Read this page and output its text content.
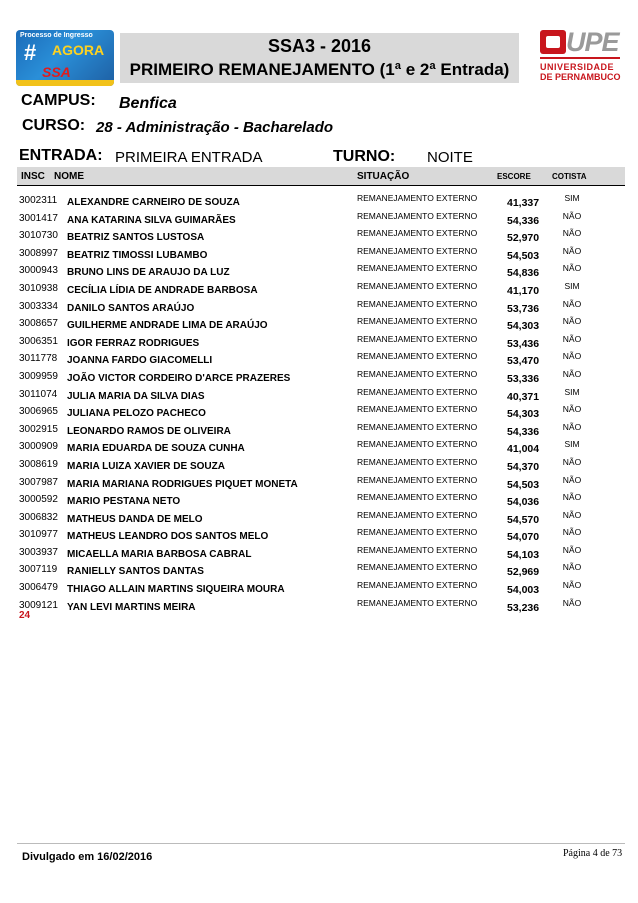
Processo de Ingresso
# AGORA
SSA
SSA3 - 2016
PRIMEIRO REMANEJAMENTO (1ª e 2ª Entrada)
UPE
UNIVERSIDADE
DE PERNAMBUCO
CAMPUS: Benfica
CURSO: 28 - Administração - Bacharelado
ENTRADA: PRIMEIRA ENTRADA	TURNO: NOITE
INSC NOME	SITUAÇÃO	ESCORE	COTISTA
3002311 ALEXANDRE CARNEIRO DE SOUZA	REMANEJAMENTO EXTERNO	41,337	SIM
3001417 ANA KATARINA SILVA GUIMARÃES	REMANEJAMENTO EXTERNO	54,336	NÃO
3010730 BEATRIZ SANTOS LUSTOSA	REMANEJAMENTO EXTERNO	52,970	NÃO
3008997 BEATRIZ TIMOSSI LUBAMBO	REMANEJAMENTO EXTERNO	54,503	NÃO
3000943 BRUNO LINS DE ARAUJO DA LUZ	REMANEJAMENTO EXTERNO	54,836	NÃO
3010938 CECÍLIA LÍDIA DE ANDRADE BARBOSA	REMANEJAMENTO EXTERNO	41,170	SIM
3003334 DANILO SANTOS ARAÚJO	REMANEJAMENTO EXTERNO	53,736	NÃO
3008657 GUILHERME ANDRADE LIMA DE ARAÚJO	REMANEJAMENTO EXTERNO	54,303	NÃO
3006351 IGOR FERRAZ RODRIGUES	REMANEJAMENTO EXTERNO	53,436	NÃO
3011778 JOANNA FARDO GIACOMELLI	REMANEJAMENTO EXTERNO	53,470	NÃO
3009959 JOÃO VICTOR CORDEIRO D'ARCE PRAZERES	REMANEJAMENTO EXTERNO	53,336	NÃO
3011074 JULIA MARIA DA SILVA DIAS	REMANEJAMENTO EXTERNO	40,371	SIM
3006965 JULIANA PELOZO PACHECO	REMANEJAMENTO EXTERNO	54,303	NÃO
3002915 LEONARDO RAMOS DE OLIVEIRA	REMANEJAMENTO EXTERNO	54,336	NÃO
3000909 MARIA EDUARDA DE SOUZA CUNHA	REMANEJAMENTO EXTERNO	41,004	SIM
3008619 MARIA LUIZA XAVIER DE SOUZA	REMANEJAMENTO EXTERNO	54,370	NÃO
3007987 MARIA MARIANA RODRIGUES PIQUET MONETA	REMANEJAMENTO EXTERNO	54,503	NÃO
3000592 MARIO PESTANA NETO	REMANEJAMENTO EXTERNO	54,036	NÃO
3006832 MATHEUS DANDA DE MELO	REMANEJAMENTO EXTERNO	54,570	NÃO
3010977 MATHEUS LEANDRO DOS SANTOS MELO	REMANEJAMENTO EXTERNO	54,070	NÃO
3003937 MICAELLA MARIA BARBOSA CABRAL	REMANEJAMENTO EXTERNO	54,103	NÃO
3007119 RANIELLY SANTOS DANTAS	REMANEJAMENTO EXTERNO	52,969	NÃO
3006479 THIAGO ALLAIN MARTINS SIQUEIRA MOURA	REMANEJAMENTO EXTERNO	54,003	NÃO
3009121 YAN LEVI MARTINS MEIRA	REMANEJAMENTO EXTERNO	53,236	NÃO
24
Divulgado em 16/02/2016	Página 4 de 73
